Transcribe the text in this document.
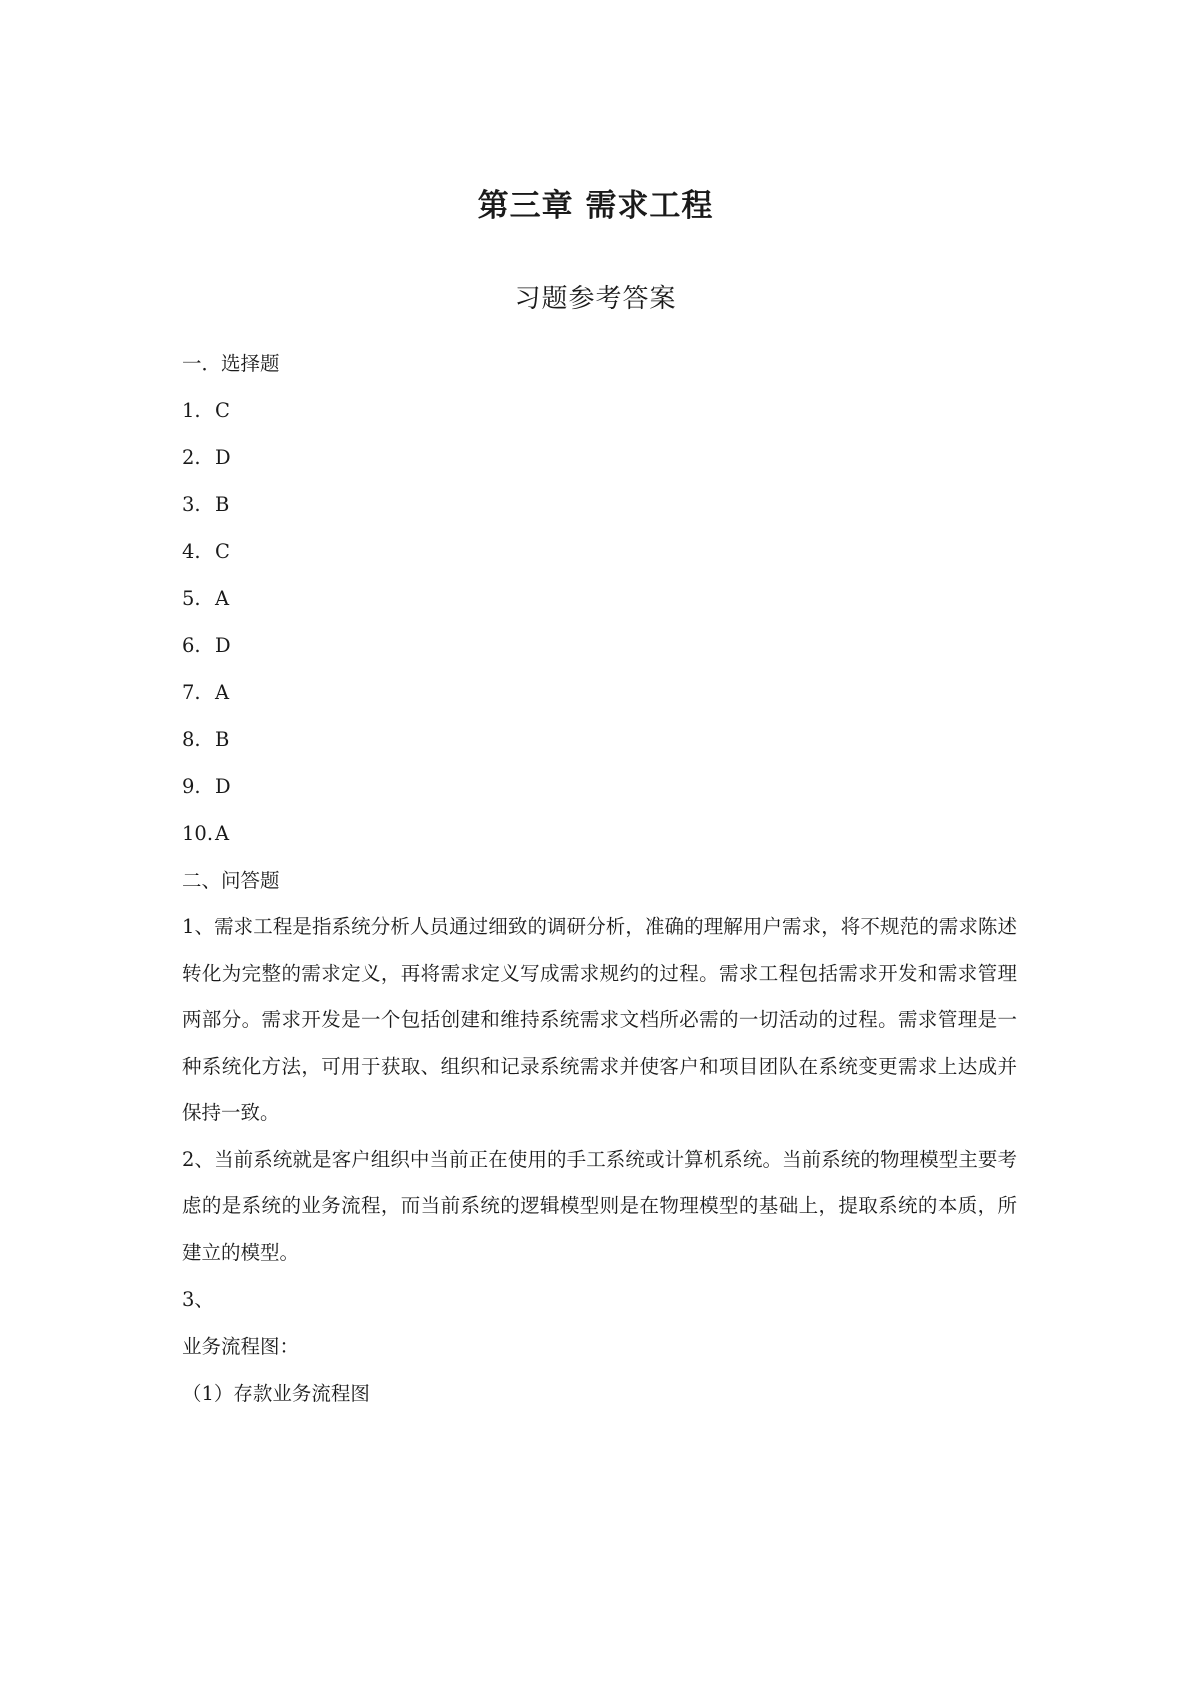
第三章 需求工程
习题参考答案
一．选择题
1. C
2. D
3. B
4. C
5. A
6. D
7. A
8. B
9. D
10. A
二、问答题

1、需求工程是指系统分析人员通过细致的调研分析，准确的理解用户需求，将不规范的需求陈述转化为完整的需求定义，再将需求定义写成需求规约的过程。需求工程包括需求开发和需求管理两部分。需求开发是一个包括创建和维持系统需求文档所必需的一切活动的过程。需求管理是一种系统化方法，可用于获取、组织和记录系统需求并使客户和项目团队在系统变更需求上达成并保持一致。

2、当前系统就是客户组织中当前正在使用的手工系统或计算机系统。当前系统的物理模型主要考虑的是系统的业务流程，而当前系统的逻辑模型则是在物理模型的基础上，提取系统的本质，所建立的模型。

3、
业务流程图：
（1）存款业务流程图
